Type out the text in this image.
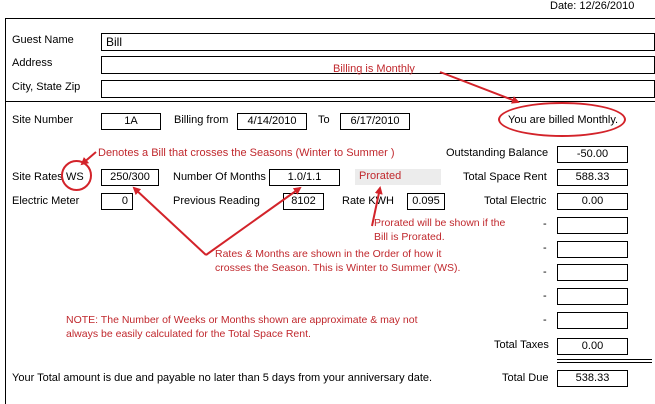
Date: 12/26/2010
Guest Name	Bill
Address
City, State Zip
Site Number	1A	Billing from	4/14/2010	To	6/17/2010	You are billed Monthly.
Outstanding Balance	-50.00
Site Rates WS	250/300	Number Of Months	1.0/1.1	Prorated	Total Space Rent	588.33
Electric Meter	0	Previous Reading	8102	Rate KWH	0.095	Total Electric	0.00
-
-
-
-
-
Total Taxes	0.00
Your Total amount is due and payable no later than 5 days from your anniversary date.	Total Due	538.33
Billing is Monthly
Denotes a Bill that crosses the Seasons (Winter to Summer )
Prorated will be shown if the
Bill is Prorated.
Rates & Months are shown in the Order of how it
crosses the Season. This is Winter to Summer (WS).
NOTE: The Number of Weeks or Months shown are approximate & may not
always be easily calculated for the Total Space Rent.
